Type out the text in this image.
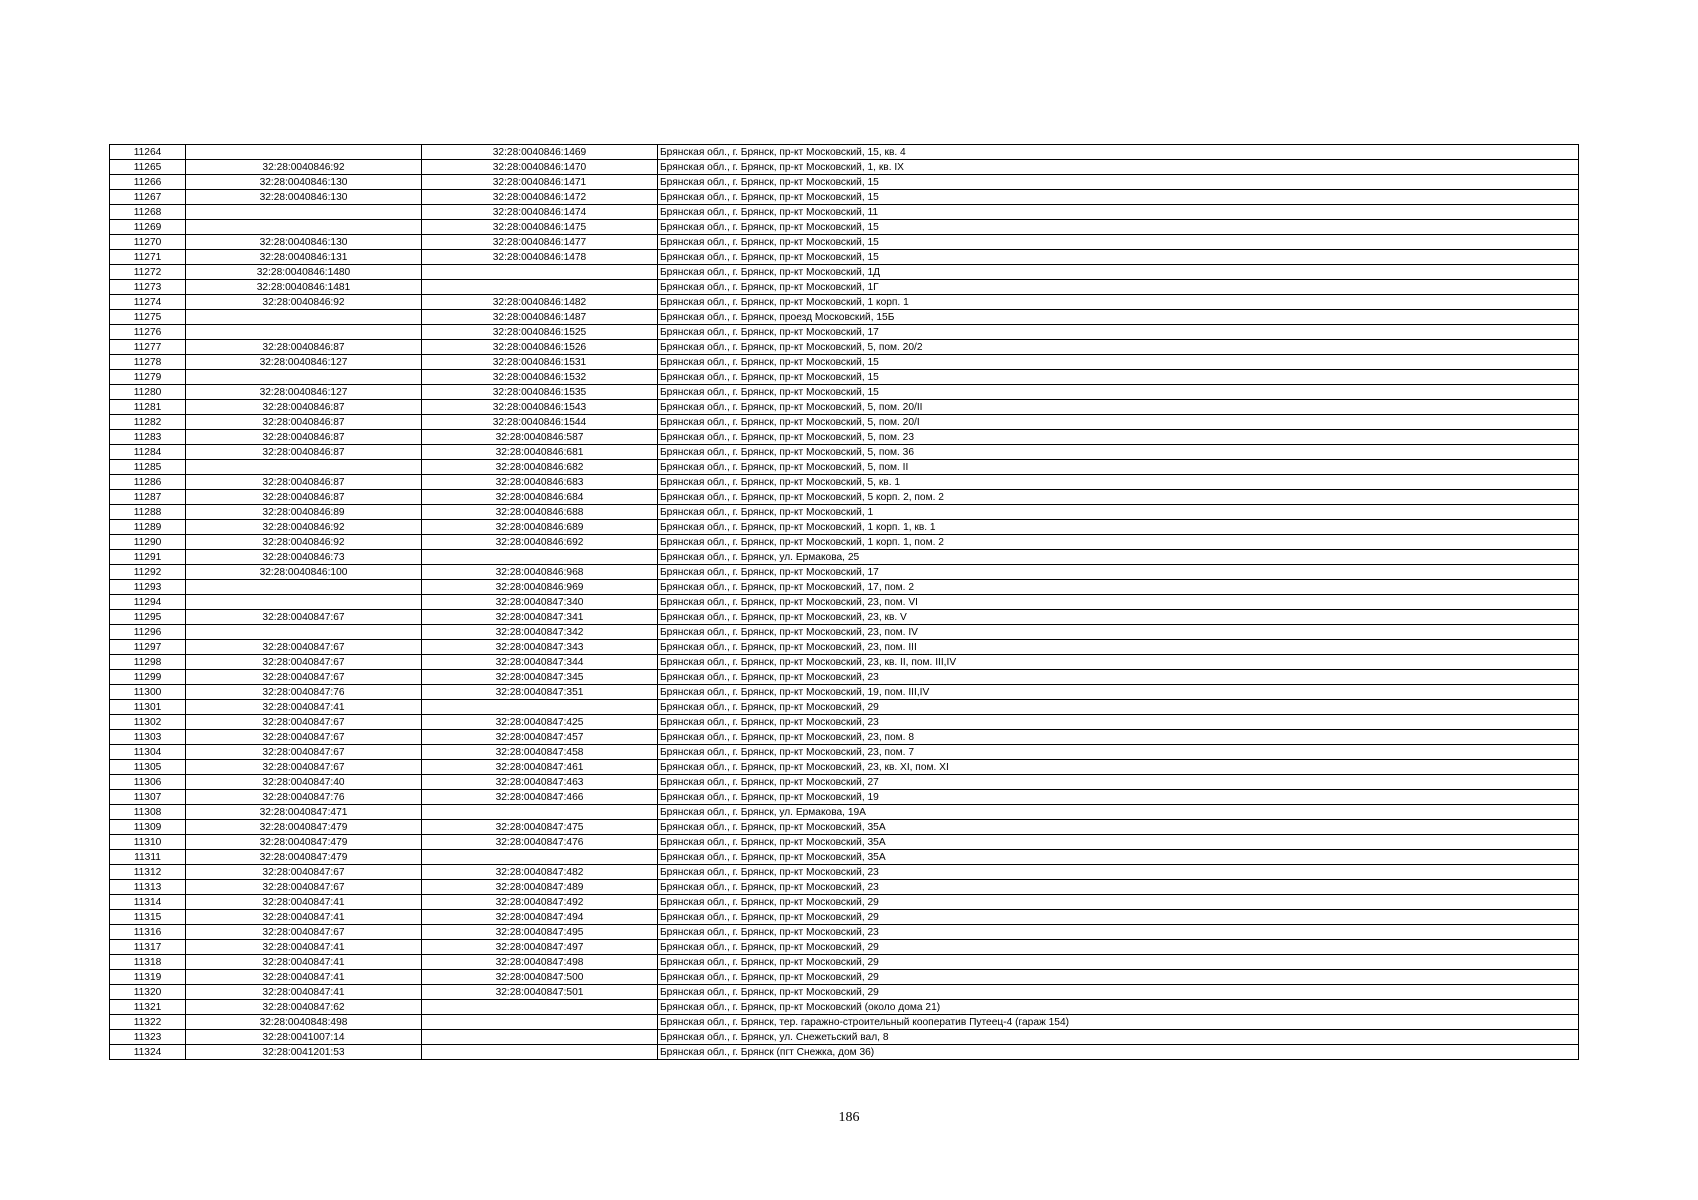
11264		32:28:0040846:1469	Брянская обл., г. Брянск, пр-кт Московский, 15, кв. 4
11265	32:28:0040846:92	32:28:0040846:1470	Брянская обл., г. Брянск, пр-кт Московский, 1, кв. IX
11266	32:28:0040846:130	32:28:0040846:1471	Брянская обл., г. Брянск, пр-кт Московский, 15
11267	32:28:0040846:130	32:28:0040846:1472	Брянская обл., г. Брянск, пр-кт Московский, 15
11268		32:28:0040846:1474	Брянская обл., г. Брянск, пр-кт Московский, 11
11269		32:28:0040846:1475	Брянская обл., г. Брянск, пр-кт Московский, 15
11270	32:28:0040846:130	32:28:0040846:1477	Брянская обл., г. Брянск, пр-кт Московский, 15
11271	32:28:0040846:131	32:28:0040846:1478	Брянская обл., г. Брянск, пр-кт Московский, 15
11272	32:28:0040846:1480		Брянская обл., г. Брянск, пр-кт Московский, 1Д
11273	32:28:0040846:1481		Брянская обл., г. Брянск, пр-кт Московский, 1Г
11274	32:28:0040846:92	32:28:0040846:1482	Брянская обл., г. Брянск, пр-кт Московский, 1 корп. 1
11275		32:28:0040846:1487	Брянская обл., г. Брянск, проезд Московский, 15Б
11276		32:28:0040846:1525	Брянская обл., г. Брянск, пр-кт Московский, 17
11277	32:28:0040846:87	32:28:0040846:1526	Брянская обл., г. Брянск, пр-кт Московский, 5, пом. 20/2
11278	32:28:0040846:127	32:28:0040846:1531	Брянская обл., г. Брянск, пр-кт Московский, 15
11279		32:28:0040846:1532	Брянская обл., г. Брянск, пр-кт Московский, 15
11280	32:28:0040846:127	32:28:0040846:1535	Брянская обл., г. Брянск, пр-кт Московский, 15
11281	32:28:0040846:87	32:28:0040846:1543	Брянская обл., г. Брянск, пр-кт Московский, 5, пом. 20/II
11282	32:28:0040846:87	32:28:0040846:1544	Брянская обл., г. Брянск, пр-кт Московский, 5, пом. 20/I
11283	32:28:0040846:87	32:28:0040846:587	Брянская обл., г. Брянск, пр-кт Московский, 5, пом. 23
11284	32:28:0040846:87	32:28:0040846:681	Брянская обл., г. Брянск, пр-кт Московский, 5, пом. 36
11285		32:28:0040846:682	Брянская обл., г. Брянск, пр-кт Московский, 5, пом. II
11286	32:28:0040846:87	32:28:0040846:683	Брянская обл., г. Брянск, пр-кт Московский, 5, кв. 1
11287	32:28:0040846:87	32:28:0040846:684	Брянская обл., г. Брянск, пр-кт Московский, 5 корп. 2, пом. 2
11288	32:28:0040846:89	32:28:0040846:688	Брянская обл., г. Брянск, пр-кт Московский, 1
11289	32:28:0040846:92	32:28:0040846:689	Брянская обл., г. Брянск, пр-кт Московский, 1 корп. 1, кв. 1
11290	32:28:0040846:92	32:28:0040846:692	Брянская обл., г. Брянск, пр-кт Московский, 1 корп. 1, пом. 2
11291	32:28:0040846:73		Брянская обл., г. Брянск, ул. Ермакова, 25
11292	32:28:0040846:100	32:28:0040846:968	Брянская обл., г. Брянск, пр-кт Московский, 17
11293		32:28:0040846:969	Брянская обл., г. Брянск, пр-кт Московский, 17, пом. 2
11294		32:28:0040847:340	Брянская обл., г. Брянск, пр-кт Московский, 23, пом. VI
11295	32:28:0040847:67	32:28:0040847:341	Брянская обл., г. Брянск, пр-кт Московский, 23, кв. V
11296		32:28:0040847:342	Брянская обл., г. Брянск, пр-кт Московский, 23, пом. IV
11297	32:28:0040847:67	32:28:0040847:343	Брянская обл., г. Брянск, пр-кт Московский, 23, пом. III
11298	32:28:0040847:67	32:28:0040847:344	Брянская обл., г. Брянск, пр-кт Московский, 23, кв. II, пом. III,IV
11299	32:28:0040847:67	32:28:0040847:345	Брянская обл., г. Брянск, пр-кт Московский, 23
11300	32:28:0040847:76	32:28:0040847:351	Брянская обл., г. Брянск, пр-кт Московский, 19, пом. III,IV
11301	32:28:0040847:41		Брянская обл., г. Брянск, пр-кт Московский, 29
11302	32:28:0040847:67	32:28:0040847:425	Брянская обл., г. Брянск, пр-кт Московский, 23
11303	32:28:0040847:67	32:28:0040847:457	Брянская обл., г. Брянск, пр-кт Московский, 23, пом. 8
11304	32:28:0040847:67	32:28:0040847:458	Брянская обл., г. Брянск, пр-кт Московский, 23, пом. 7
11305	32:28:0040847:67	32:28:0040847:461	Брянская обл., г. Брянск, пр-кт Московский, 23, кв. XI, пом. XI
11306	32:28:0040847:40	32:28:0040847:463	Брянская обл., г. Брянск, пр-кт Московский, 27
11307	32:28:0040847:76	32:28:0040847:466	Брянская обл., г. Брянск, пр-кт Московский, 19
11308	32:28:0040847:471		Брянская обл., г. Брянск, ул. Ермакова, 19А
11309	32:28:0040847:479	32:28:0040847:475	Брянская обл., г. Брянск, пр-кт Московский, 35А
11310	32:28:0040847:479	32:28:0040847:476	Брянская обл., г. Брянск, пр-кт Московский, 35А
11311	32:28:0040847:479		Брянская обл., г. Брянск, пр-кт Московский, 35А
11312	32:28:0040847:67	32:28:0040847:482	Брянская обл., г. Брянск, пр-кт Московский, 23
11313	32:28:0040847:67	32:28:0040847:489	Брянская обл., г. Брянск, пр-кт Московский, 23
11314	32:28:0040847:41	32:28:0040847:492	Брянская обл., г. Брянск, пр-кт Московский, 29
11315	32:28:0040847:41	32:28:0040847:494	Брянская обл., г. Брянск, пр-кт Московский, 29
11316	32:28:0040847:67	32:28:0040847:495	Брянская обл., г. Брянск, пр-кт Московский, 23
11317	32:28:0040847:41	32:28:0040847:497	Брянская обл., г. Брянск, пр-кт Московский, 29
11318	32:28:0040847:41	32:28:0040847:498	Брянская обл., г. Брянск, пр-кт Московский, 29
11319	32:28:0040847:41	32:28:0040847:500	Брянская обл., г. Брянск, пр-кт Московский, 29
11320	32:28:0040847:41	32:28:0040847:501	Брянская обл., г. Брянск, пр-кт Московский, 29
11321	32:28:0040847:62		Брянская обл., г. Брянск, пр-кт Московский (около дома 21)
11322	32:28:0040848:498		Брянская обл., г. Брянск, тер. гаражно-строительный кооператив Путеец-4 (гараж 154)
11323	32:28:0041007:14		Брянская обл., г. Брянск, ул. Снежетьский вал, 8
11324	32:28:0041201:53		Брянская обл., г. Брянск (пгт Снежка, дом 36)
186
